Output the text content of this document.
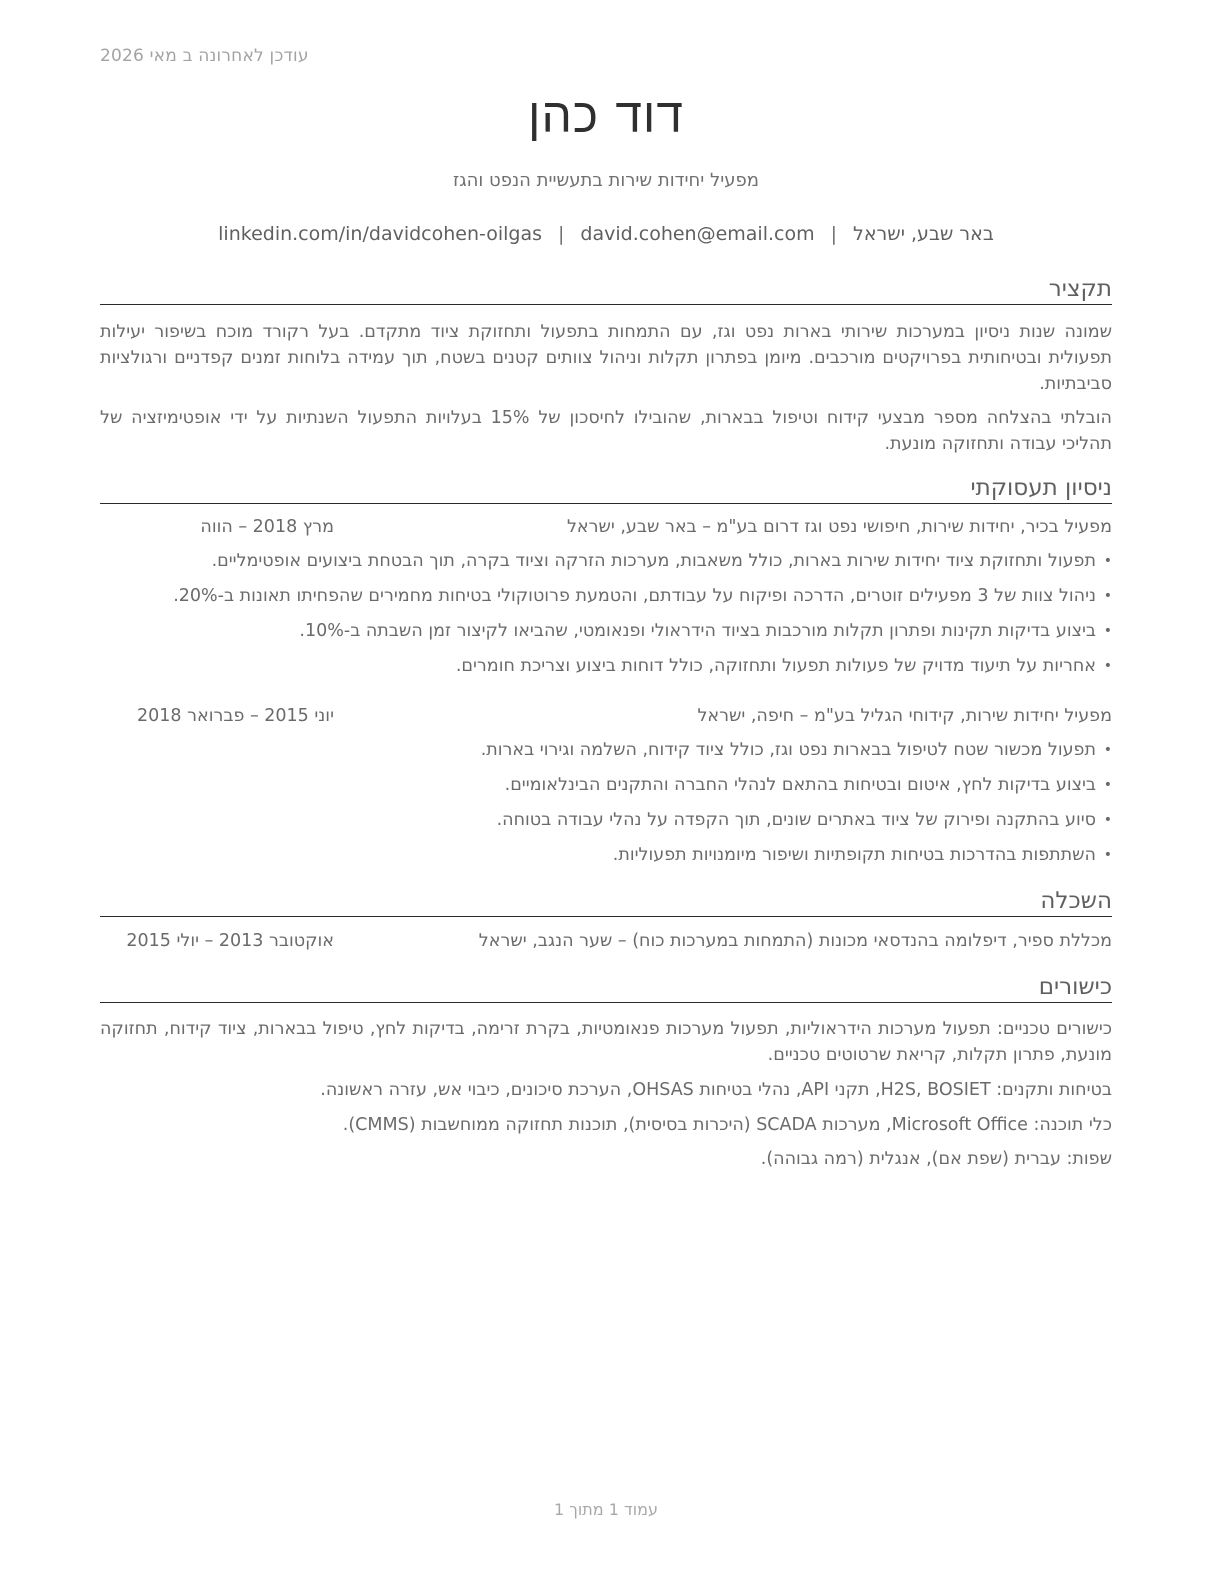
עודכן לאחרונה ב מאי 2026
דוד כהן
מפעיל יחידות שירות בתעשיית הנפט והגז
באר שבע, ישראל|david.cohen@email.com|linkedin.com/in/davidcohen-oilgas
תקציר
שמונה שנות ניסיון במערכות שירותי בארות נפט וגז, עם התמחות בתפעול ותחזוקת ציוד מתקדם. בעל רקורד מוכח בשיפור יעילות תפעולית ובטיחותית בפרויקטים מורכבים. מיומן בפתרון תקלות וניהול צוותים קטנים בשטח, תוך עמידה בלוחות זמנים קפדניים ורגולציות סביבתיות.
הובלתי בהצלחה מספר מבצעי קידוח וטיפול בבארות, שהובילו לחיסכון של 15% בעלויות התפעול השנתיות על ידי אופטימיזציה של תהליכי עבודה ותחזוקה מונעת.
ניסיון תעסוקתי
מפעיל בכיר, יחידות שירות, חיפושי נפט וגז דרום בע"מ – באר שבע, ישראל
מרץ 2018 – הווה
•
תפעול ותחזוקת ציוד יחידות שירות בארות, כולל משאבות, מערכות הזרקה וציוד בקרה, תוך הבטחת ביצועים אופטימליים.
•
ניהול צוות של 3 מפעילים זוטרים, הדרכה ופיקוח על עבודתם, והטמעת פרוטוקולי בטיחות מחמירים שהפחיתו תאונות ב-20%.
•
ביצוע בדיקות תקינות ופתרון תקלות מורכבות בציוד הידראולי ופנאומטי, שהביאו לקיצור זמן השבתה ב-10%.
•
אחריות על תיעוד מדויק של פעולות תפעול ותחזוקה, כולל דוחות ביצוע וצריכת חומרים.
מפעיל יחידות שירות, קידוחי הגליל בע"מ – חיפה, ישראל
יוני 2015 – פברואר 2018
•
תפעול מכשור שטח לטיפול בבארות נפט וגז, כולל ציוד קידוח, השלמה וגירוי בארות.
•
ביצוע בדיקות לחץ, איטום ובטיחות בהתאם לנהלי החברה והתקנים הבינלאומיים.
•
סיוע בהתקנה ופירוק של ציוד באתרים שונים, תוך הקפדה על נהלי עבודה בטוחה.
•
השתתפות בהדרכות בטיחות תקופתיות ושיפור מיומנויות תפעוליות.
השכלה
מכללת ספיר, דיפלומה בהנדסאי מכונות (התמחות במערכות כוח) – שער הנגב, ישראל
אוקטובר 2013 – יולי 2015
כישורים
כישורים טכניים: תפעול מערכות הידראוליות, תפעול מערכות פנאומטיות, בקרת זרימה, בדיקות לחץ, טיפול בבארות, ציוד קידוח, תחזוקה מונעת, פתרון תקלות, קריאת שרטוטים טכניים.
בטיחות ותקנים: H2S, BOSIET, תקני API, נהלי בטיחות OHSAS, הערכת סיכונים, כיבוי אש, עזרה ראשונה.
כלי תוכנה: Microsoft Office, מערכות SCADA (היכרות בסיסית), תוכנות תחזוקה ממוחשבות (CMMS).
שפות: עברית (שפת אם), אנגלית (רמה גבוהה).
עמוד 1 מתוך 1
